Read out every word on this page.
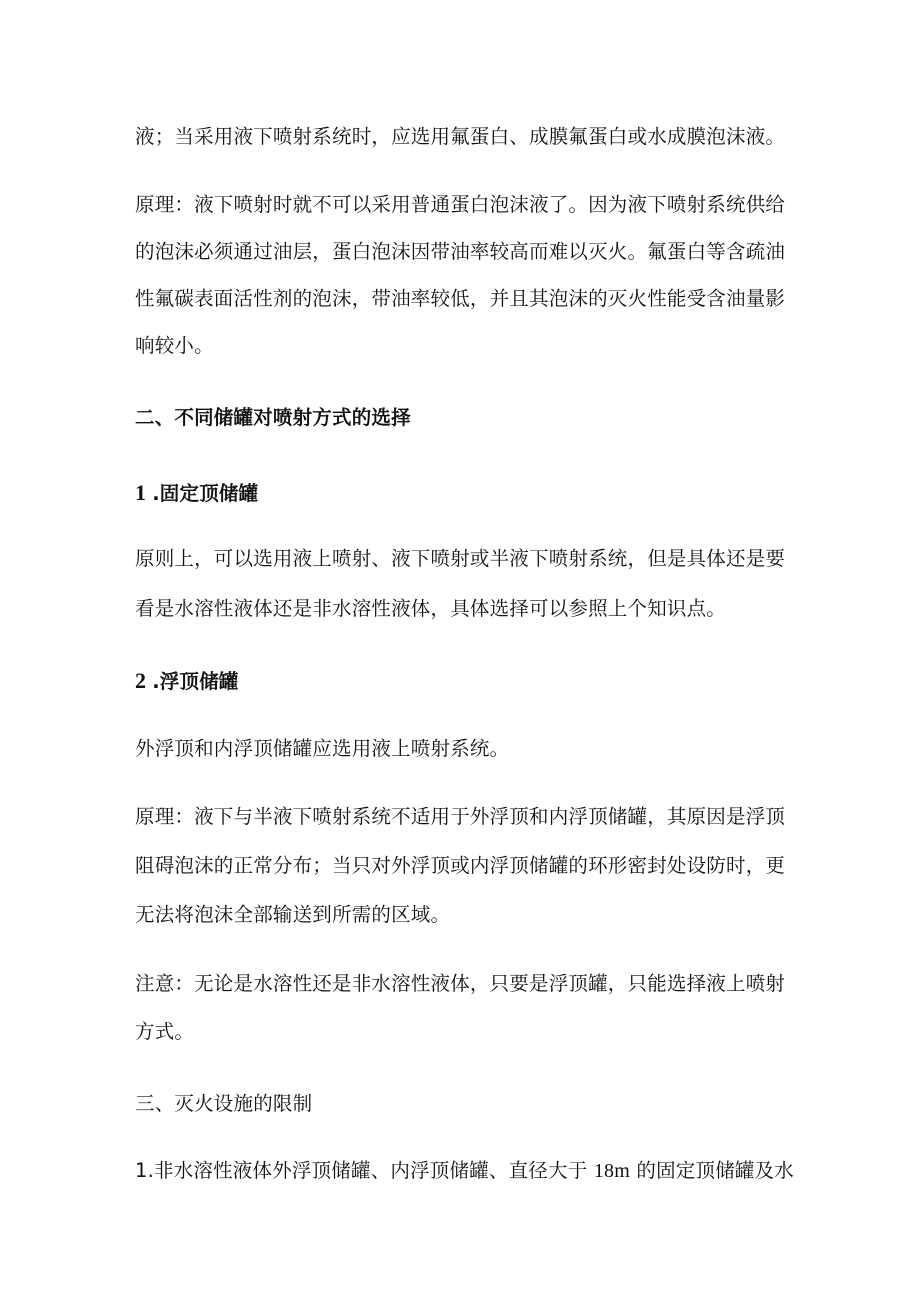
液；当采用液下喷射系统时，应选用氟蛋白、成膜氟蛋白或水成膜泡沫液。
原理：液下喷射时就不可以采用普通蛋白泡沫液了。因为液下喷射系统供给
的泡沫必须通过油层，蛋白泡沫因带油率较高而难以灭火。氟蛋白等含疏油
性氟碳表面活性剂的泡沫，带油率较低，并且其泡沫的灭火性能受含油量影
响较小。
二、不同储罐对喷射方式的选择
1 .固定顶储罐
原则上，可以选用液上喷射、液下喷射或半液下喷射系统，但是具体还是要
看是水溶性液体还是非水溶性液体，具体选择可以参照上个知识点。
2 .浮顶储罐
外浮顶和内浮顶储罐应选用液上喷射系统。
原理：液下与半液下喷射系统不适用于外浮顶和内浮顶储罐，其原因是浮顶
阻碍泡沫的正常分布；当只对外浮顶或内浮顶储罐的环形密封处设防时，更
无法将泡沫全部输送到所需的区域。
注意：无论是水溶性还是非水溶性液体，只要是浮顶罐，只能选择液上喷射
方式。
三、灭火设施的限制
1.非水溶性液体外浮顶储罐、内浮顶储罐、直径大于 18m 的固定顶储罐及水
